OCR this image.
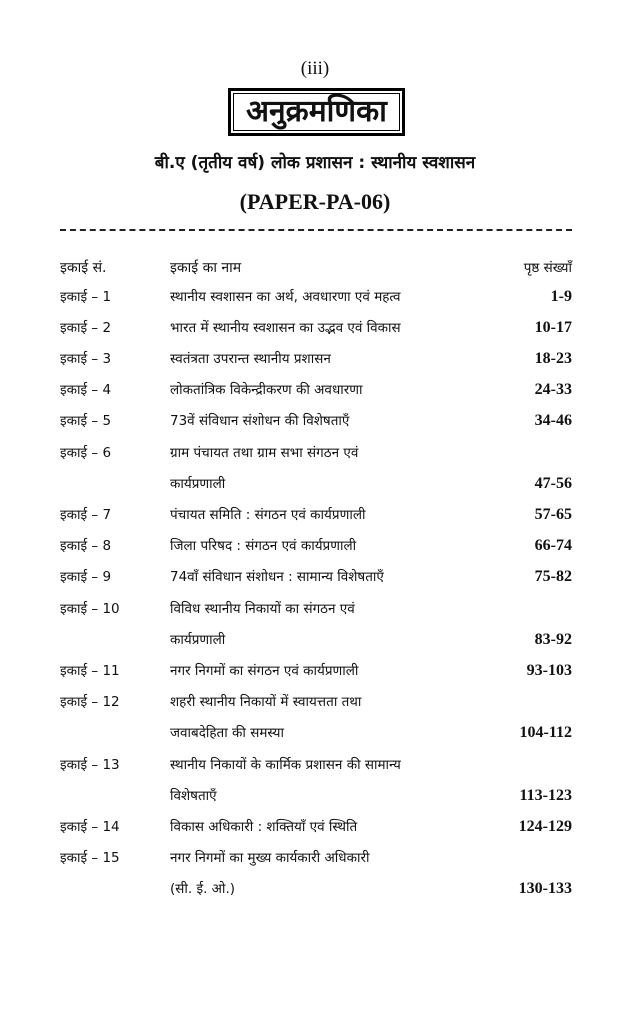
(iii)
अनुक्रमणिका
बी.ए (तृतीय वर्ष) लोक प्रशासन : स्थानीय स्वशासन
(PAPER-PA-06)
इकाई सं.	इकाई का नाम	पृष्ठ संख्याँ
इकाई – 1	स्थानीय स्वशासन का अर्थ, अवधारणा एवं महत्व	1-9
इकाई – 2	भारत में स्थानीय स्वशासन का उद्भव एवं विकास	10-17
इकाई – 3	स्वतंत्रता उपरान्त स्थानीय प्रशासन	18-23
इकाई – 4	लोकतांत्रिक विकेन्द्रीकरण की अवधारणा	24-33
इकाई – 5	73वें संविधान संशोधन की विशेषताएँ	34-46
इकाई – 6	ग्राम पंचायत तथा ग्राम सभा संगठन एवं
कार्यप्रणाली	47-56
इकाई – 7	पंचायत समिति : संगठन एवं कार्यप्रणाली	57-65
इकाई – 8	जिला परिषद : संगठन एवं कार्यप्रणाली	66-74
इकाई – 9	74वाँ संविधान संशोधन : सामान्य विशेषताएँ	75-82
इकाई – 10	विविध स्थानीय निकायों का संगठन एवं
कार्यप्रणाली	83-92
इकाई – 11	नगर निगमों का संगठन एवं कार्यप्रणाली	93-103
इकाई – 12	शहरी स्थानीय निकायों में स्वायत्तता तथा
जवाबदेहिता की समस्या	104-112
इकाई – 13	स्थानीय निकायों के कार्मिक प्रशासन की सामान्य
विशेषताएँ	113-123
इकाई – 14	विकास अधिकारी : शक्तियाँ एवं स्थिति	124-129
इकाई – 15	नगर निगमों का मुख्य कार्यकारी अधिकारी
(सी. ई. ओ.)	130-133
